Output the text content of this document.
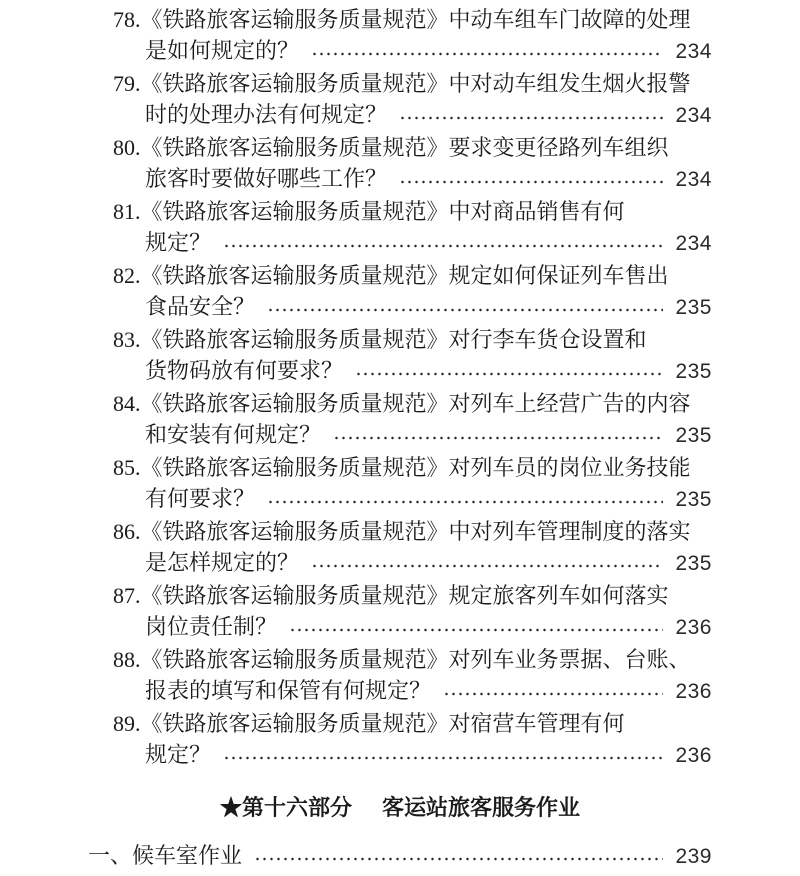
78.《铁路旅客运输服务质量规范》中动车组车门故障的处理
是如何规定的？	234
79.《铁路旅客运输服务质量规范》中对动车组发生烟火报警
时的处理办法有何规定？	234
80.《铁路旅客运输服务质量规范》要求变更径路列车组织
旅客时要做好哪些工作？	234
81.《铁路旅客运输服务质量规范》中对商品销售有何
规定？	234
82.《铁路旅客运输服务质量规范》规定如何保证列车售出
食品安全？	235
83.《铁路旅客运输服务质量规范》对行李车货仓设置和
货物码放有何要求？	235
84.《铁路旅客运输服务质量规范》对列车上经营广告的内容
和安装有何规定？	235
85.《铁路旅客运输服务质量规范》对列车员的岗位业务技能
有何要求？	235
86.《铁路旅客运输服务质量规范》中对列车管理制度的落实
是怎样规定的？	235
87.《铁路旅客运输服务质量规范》规定旅客列车如何落实
岗位责任制？	236
88.《铁路旅客运输服务质量规范》对列车业务票据、台账、
报表的填写和保管有何规定？	236
89.《铁路旅客运输服务质量规范》对宿营车管理有何
规定？	236
★第十六部分 客运站旅客服务作业
一、候车室作业	239
